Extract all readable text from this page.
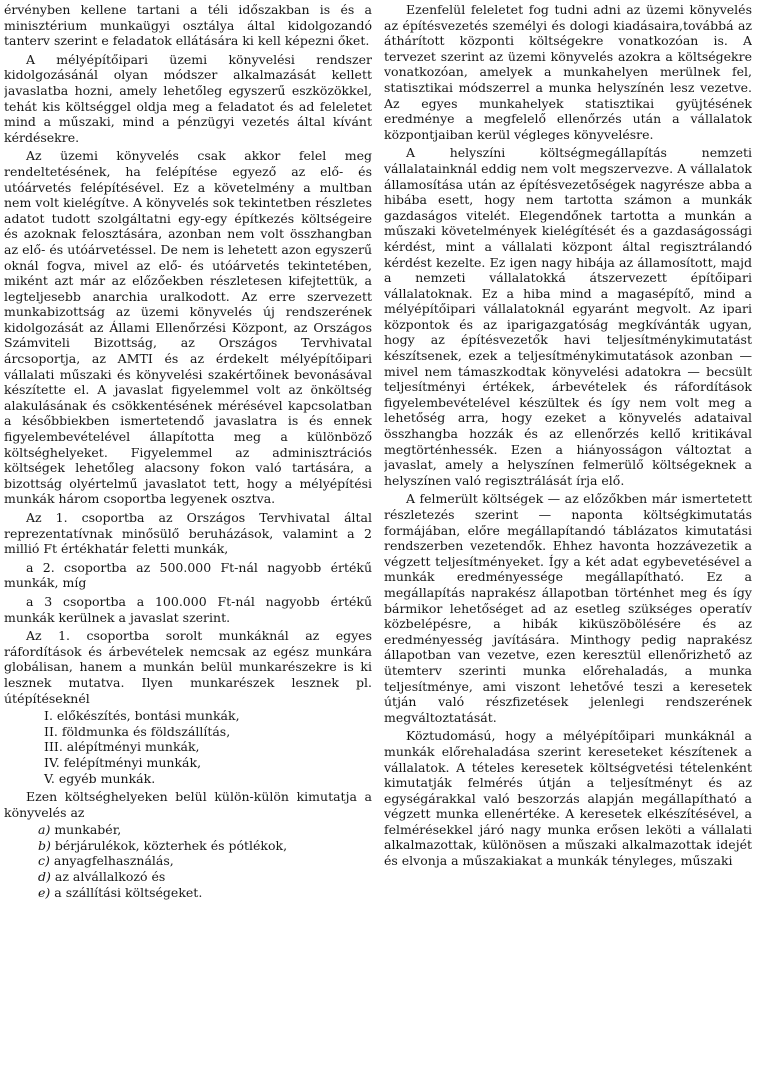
érvényben kellene tartani a téli időszakban is és a minisztérium munkaügyi osztálya által kidolgozandó tanterv szerint e feladatok ellátására ki kell képezni őket.

A mélyépítőipari üzemi könyvelési rendszer kidolgozásánál olyan módszer alkalmazását kellett javaslatba hozni, amely lehetőleg egyszerű eszközökkel, tehát kis költséggel oldja meg a feladatot és ad feleletet mind a műszaki, mind a pénzügyi vezetés által kívánt kérdésekre.

Az üzemi könyvelés csak akkor felel meg rendeltetésének, ha felépítése egyező az elő- és utóárvetés felépítésével. Ez a követelmény a multban nem volt kielégítve. A könyvelés sok tekintetben részletes adatot tudott szolgáltatni egy-egy építkezés költségeire és azoknak felosztására, azonban nem volt összhangban az elő- és utóárvetéssel. De nem is lehetett azon egyszerű oknál fogva, mivel az elő- és utóárvetés tekintetében, miként azt már az előzőekben részletesen kifejtettük, a legteljesebb anarchia uralkodott. Az erre szervezett munkabizottság az üzemi könyvelés új rendszerének kidolgozását az Állami Ellenőrzési Központ, az Országos Számviteli Bizottság, az Országos Tervhivatal árcsoportja, az AMTI és az érdekelt mélyépítőipari vállalati műszaki és könyvelési szakértőinek bevonásával készítette el. A javaslat figyelemmel volt az önköltség alakulásának és csökkentésének mérésével kapcsolatban a későbbiekben ismertetendő javaslatra is és ennek figyelembevételével állapította meg a különböző költséghelyeket. Figyelemmel az adminisztrációs költségek lehetőleg alacsony fokon való tartására, a bizottság olyértelmű javaslatot tett, hogy a mélyépítési munkák három csoportba legyenek osztva.

Az 1. csoportba az Országos Tervhivatal által reprezentatívnak minősülő beruházások, valamint a 2 millió Ft értékhatár feletti munkák,

a 2. csoportba az 500.000 Ft-nál nagyobb értékű munkák, míg

a 3 csoportba a 100.000 Ft-nál nagyobb értékű munkák kerülnek a javaslat szerint.

Az 1. csoportba sorolt munkáknál az egyes ráfordítások és árbevételek nemcsak az egész munkára globálisan, hanem a munkán belül munkarészekre is ki lesznek mutatva. Ilyen munkarészek lesznek pl. útépítéseknél

I. előkészítés, bontási munkák,
II. földmunka és földszállítás,
III. alépítményi munkák,
IV. felépítményi munkák,
V. egyéb munkák.

Ezen költséghelyeken belül külön-külön kimutatja a könyvelés az

a) munkabér,
b) bérjárulékok, közterhek és pótlékok,
c) anyagfelhasználás,
d) az alvállalkozó és
e) a szállítási költségeket.

Ezenfelül feleletet fog tudni adni az üzemi könyvelés az építésvezetés személyi és dologi kiadásaira,továbbá az áthárított központi költségekre vonatkozóan is. A tervezet szerint az üzemi könyvelés azokra a költségekre vonatkozóan, amelyek a munkahelyen merülnek fel, statisztikai módszerrel a munka helyszínén lesz vezetve. Az egyes munkahelyek statisztikai gyüjtésének eredménye a megfelelő ellenőrzés után a vállalatok központjaiban kerül végleges könyvelésre.

A helyszíni költségmegállapítás nemzeti vállalatainknál eddig nem volt megszervezve. A vállalatok államosítása után az építésvezetőségek nagyrésze abba a hibába esett, hogy nem tartotta számon a munkák gazdaságos vitelét. Elegendőnek tartotta a munkán a műszaki követelmények kielégítését és a gazdaságossági kérdést, mint a vállalati központ által regisztrálandó kérdést kezelte. Ez igen nagy hibája az államosított, majd a nemzeti vállalatokká átszervezett építőipari vállalatoknak. Ez a hiba mind a magasépítő, mind a mélyépítőipari vállalatoknál egyaránt megvolt. Az ipari központok és az iparigazgatóság megkívánták ugyan, hogy az építésvezetők havi teljesítménykimutatást készítsenek, ezek a teljesítménykimutatások azonban — mivel nem támaszkodtak könyvelési adatokra — becsült teljesítményi értékek, árbevételek és ráfordítások figyelembevételével készültek és így nem volt meg a lehetőség arra, hogy ezeket a könyvelés adataival összhangba hozzák és az ellenőrzés kellő kritikával megtörténhessék. Ezen a hiányosságon változtat a javaslat, amely a helyszínen felmerülő költségeknek a helyszínen való regisztrálását írja elő.

A felmerült költségek — az előzőkben már ismertetett részletezés szerint — naponta költségkimutatás formájában, előre megállapítandó táblázatos kimutatási rendszerben vezetendők. Ehhez havonta hozzávezetik a végzett teljesítményeket. Így a két adat egybevetésével a munkák eredményessége megállapítható. Ez a megállapítás naprakész állapotban történhet meg és így bármikor lehetőséget ad az esetleg szükséges operatív közbelépésre, a hibák kiküszöbölésére és az eredményesség javítására. Minthogy pedig naprakész állapotban van vezetve, ezen keresztül ellenőrizhető az ütemterv szerinti munka előrehaladás, a munka teljesítménye, ami viszont lehetővé teszi a keresetek útján való részfizetések jelenlegi rendszerének megváltoztatását.

Köztudomású, hogy a mélyépítőipari munkáknál a munkák előrehaladása szerint kereseteket készítenek a vállalatok. A tételes keresetek költségvetési tételenként kimutatják felmérés útján a teljesítményt és az egységárakkal való beszorzás alapján megállapítható a végzett munka ellenértéke. A keresetek elkészítésével, a felmérésekkel járó nagy munka erősen leköti a vállalati alkalmazottak, különösen a műszaki alkalmazottak idejét és elvonja a műszakiakat a munkák tényleges, műszaki
